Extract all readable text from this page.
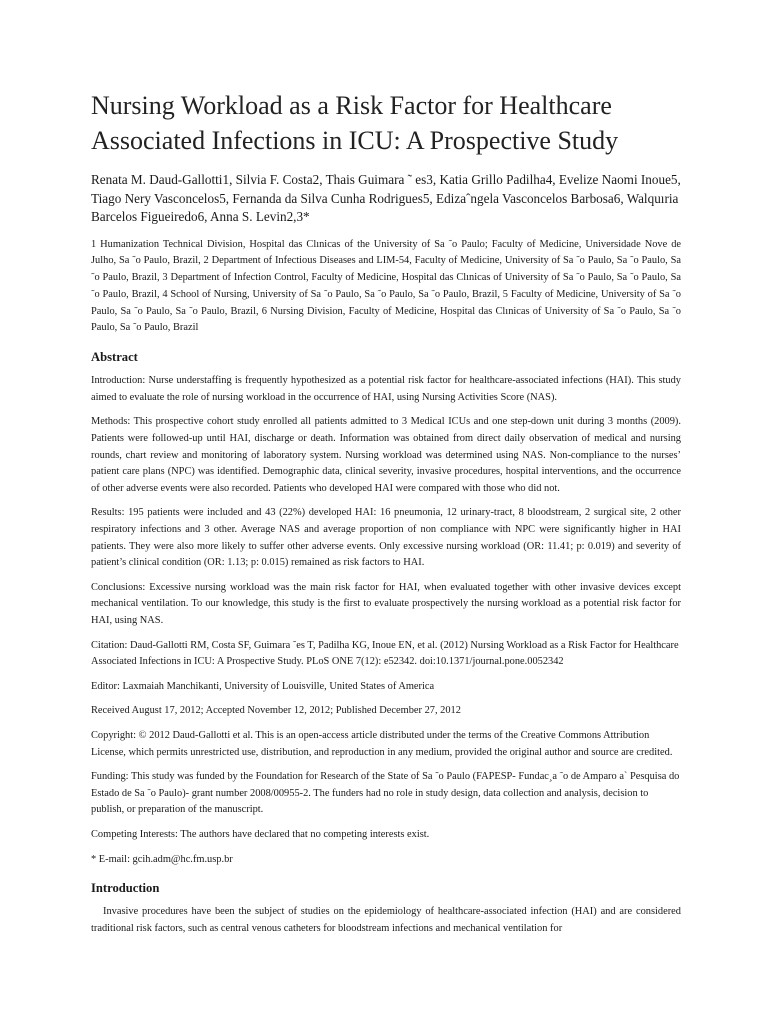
Nursing Workload as a Risk Factor for Healthcare Associated Infections in ICU: A Prospective Study

Renata M. Daud-Gallotti1, Silvia F. Costa2, Thais Guimara ˜ es3, Katia Grillo Padilha4, Evelize Naomi Inoue5, Tiago Nery Vasconcelos5, Fernanda da Silva Cunha Rodrigues5, Edizaˆngela Vasconcelos Barbosa6, Walquıria Barcelos Figueiredo6, Anna S. Levin2,3*

1 Humanization Technical Division, Hospital das Clınicas of the University of Sa ˜o Paulo; Faculty of Medicine, Universidade Nove de Julho, Sa ˜o Paulo, Brazil, 2 Department of Infectious Diseases and LIM-54, Faculty of Medicine, University of Sa ˜o Paulo, Sa ˜o Paulo, Sa ˜o Paulo, Brazil, 3 Department of Infection Control, Faculty of Medicine, Hospital das Clınicas of University of Sa ˜o Paulo, Sa ˜o Paulo, Sa ˜o Paulo, Brazil, 4 School of Nursing, University of Sa ˜o Paulo, Sa ˜o Paulo, Sa ˜o Paulo, Brazil, 5 Faculty of Medicine, University of Sa ˜o Paulo, Sa ˜o Paulo, Sa ˜o Paulo, Brazil, 6 Nursing Division, Faculty of Medicine, Hospital das Clınicas of University of Sa ˜o Paulo, Sa ˜o Paulo, Sa ˜o Paulo, Brazil

Abstract

Introduction: Nurse understaffing is frequently hypothesized as a potential risk factor for healthcare-associated infections (HAI). This study aimed to evaluate the role of nursing workload in the occurrence of HAI, using Nursing Activities Score (NAS).

Methods: This prospective cohort study enrolled all patients admitted to 3 Medical ICUs and one step-down unit during 3 months (2009). Patients were followed-up until HAI, discharge or death. Information was obtained from direct daily observation of medical and nursing rounds, chart review and monitoring of laboratory system. Nursing workload was determined using NAS. Non-compliance to the nurses’ patient care plans (NPC) was identified. Demographic data, clinical severity, invasive procedures, hospital interventions, and the occurrence of other adverse events were also recorded. Patients who developed HAI were compared with those who did not.

Results: 195 patients were included and 43 (22%) developed HAI: 16 pneumonia, 12 urinary-tract, 8 bloodstream, 2 surgical site, 2 other respiratory infections and 3 other. Average NAS and average proportion of non compliance with NPC were significantly higher in HAI patients. They were also more likely to suffer other adverse events. Only excessive nursing workload (OR: 11.41; p: 0.019) and severity of patient’s clinical condition (OR: 1.13; p: 0.015) remained as risk factors to HAI.

Conclusions: Excessive nursing workload was the main risk factor for HAI, when evaluated together with other invasive devices except mechanical ventilation. To our knowledge, this study is the first to evaluate prospectively the nursing workload as a potential risk factor for HAI, using NAS.

Citation: Daud-Gallotti RM, Costa SF, Guimara ˜es T, Padilha KG, Inoue EN, et al. (2012) Nursing Workload as a Risk Factor for Healthcare Associated Infections in ICU: A Prospective Study. PLoS ONE 7(12): e52342. doi:10.1371/journal.pone.0052342

Editor: Laxmaiah Manchikanti, University of Louisville, United States of America

Received August 17, 2012; Accepted November 12, 2012; Published December 27, 2012

Copyright: © 2012 Daud-Gallotti et al. This is an open-access article distributed under the terms of the Creative Commons Attribution License, which permits unrestricted use, distribution, and reproduction in any medium, provided the original author and source are credited.

Funding: This study was funded by the Foundation for Research of the State of Sa ˜o Paulo (FAPESP- Fundac¸a ˜o de Amparo a` Pesquisa do Estado de Sa ˜o Paulo)- grant number 2008/00955-2. The funders had no role in study design, data collection and analysis, decision to publish, or preparation of the manuscript.

Competing Interests: The authors have declared that no competing interests exist.

* E-mail: gcih.adm@hc.fm.usp.br

Introduction

Invasive procedures have been the subject of studies on the epidemiology of healthcare-associated infection (HAI) and are considered traditional risk factors, such as central venous catheters for bloodstream infections and mechanical ventilation for
